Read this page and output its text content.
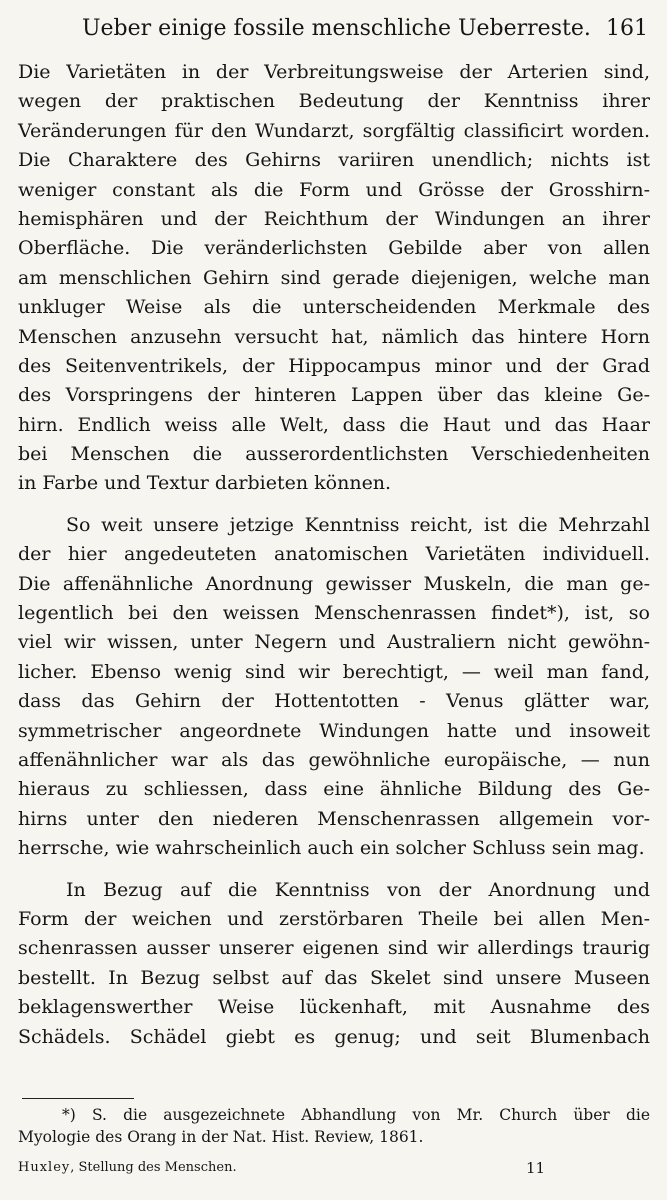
Ueber einige fossile menschliche Ueberreste. 161
Die Varietäten in der Verbreitungsweise der Arterien sind,
wegen der praktischen Bedeutung der Kenntniss ihrer
Veränderungen für den Wundarzt, sorgfältig classificirt worden.
Die Charaktere des Gehirns variiren unendlich; nichts ist
weniger constant als die Form und Grösse der Grosshirn-
hemisphären und der Reichthum der Windungen an ihrer
Oberfläche. Die veränderlichsten Gebilde aber von allen
am menschlichen Gehirn sind gerade diejenigen, welche man
unkluger Weise als die unterscheidenden Merkmale des
Menschen anzusehn versucht hat, nämlich das hintere Horn
des Seitenventrikels, der Hippocampus minor und der Grad
des Vorspringens der hinteren Lappen über das kleine Ge-
hirn. Endlich weiss alle Welt, dass die Haut und das Haar
bei Menschen die ausserordentlichsten Verschiedenheiten
in Farbe und Textur darbieten können.
So weit unsere jetzige Kenntniss reicht, ist die Mehrzahl
der hier angedeuteten anatomischen Varietäten individuell.
Die affenähnliche Anordnung gewisser Muskeln, die man ge-
legentlich bei den weissen Menschenrassen findet*), ist, so
viel wir wissen, unter Negern und Australiern nicht gewöhn-
licher. Ebenso wenig sind wir berechtigt, — weil man fand,
dass das Gehirn der Hottentotten - Venus glätter war,
symmetrischer angeordnete Windungen hatte und insoweit
affenähnlicher war als das gewöhnliche europäische, — nun
hieraus zu schliessen, dass eine ähnliche Bildung des Ge-
hirns unter den niederen Menschenrassen allgemein vor-
herrsche, wie wahrscheinlich auch ein solcher Schluss sein mag.
In Bezug auf die Kenntniss von der Anordnung und
Form der weichen und zerstörbaren Theile bei allen Men-
schenrassen ausser unserer eigenen sind wir allerdings traurig
bestellt. In Bezug selbst auf das Skelet sind unsere Museen
beklagenswerther Weise lückenhaft, mit Ausnahme des
Schädels. Schädel giebt es genug; und seit Blumenbach
*) S. die ausgezeichnete Abhandlung von Mr. Church über die
Myologie des Orang in der Nat. Hist. Review, 1861.
Huxley, Stellung des Menschen.	11
